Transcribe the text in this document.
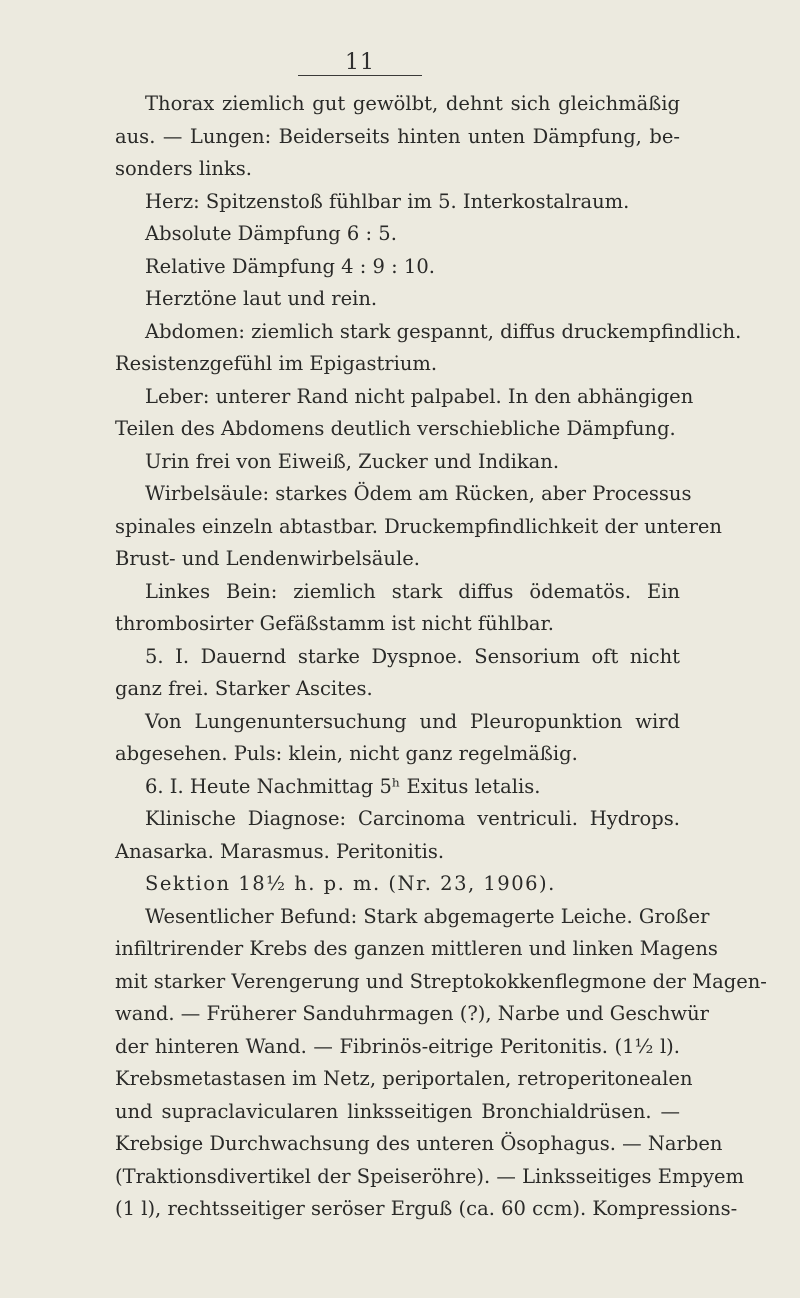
11
Thorax ziemlich gut gewölbt, dehnt sich gleichmäßig
aus. — Lungen: Beiderseits hinten unten Dämpfung, be-
sonders links.
Herz: Spitzenstoß fühlbar im 5. Interkostalraum.
Absolute Dämpfung 6 : 5.
Relative Dämpfung 4 : 9 : 10.
Herztöne laut und rein.
Abdomen: ziemlich stark gespannt, diffus druckempfindlich.
Resistenzgefühl im Epigastrium.
Leber: unterer Rand nicht palpabel. In den abhängigen
Teilen des Abdomens deutlich verschiebliche Dämpfung.
Urin frei von Eiweiß, Zucker und Indikan.
Wirbelsäule: starkes Ödem am Rücken, aber Processus
spinales einzeln abtastbar. Druckempfindlichkeit der unteren
Brust- und Lendenwirbelsäule.
Linkes Bein: ziemlich stark diffus ödematös. Ein
thrombosirter Gefäßstamm ist nicht fühlbar.
5. I. Dauernd starke Dyspnoe. Sensorium oft nicht
ganz frei. Starker Ascites.
Von Lungenuntersuchung und Pleuropunktion wird
abgesehen. Puls: klein, nicht ganz regelmäßig.
6. I. Heute Nachmittag 5ʰ Exitus letalis.
Klinische Diagnose: Carcinoma ventriculi. Hydrops.
Anasarka. Marasmus. Peritonitis.
Sektion 18½ h. p. m. (Nr. 23, 1906).
Wesentlicher Befund: Stark abgemagerte Leiche. Großer
infiltrirender Krebs des ganzen mittleren und linken Magens
mit starker Verengerung und Streptokokkenflegmone der Magen-
wand. — Früherer Sanduhrmagen (?), Narbe und Geschwür
der hinteren Wand. — Fibrinös-eitrige Peritonitis. (1½ l).
Krebsmetastasen im Netz, periportalen, retroperitonealen
und supraclavicularen linksseitigen Bronchialdrüsen. —
Krebsige Durchwachsung des unteren Ösophagus. — Narben
(Traktionsdivertikel der Speiseröhre). — Linksseitiges Empyem
(1 l), rechtsseitiger seröser Erguß (ca. 60 ccm). Kompressions-
